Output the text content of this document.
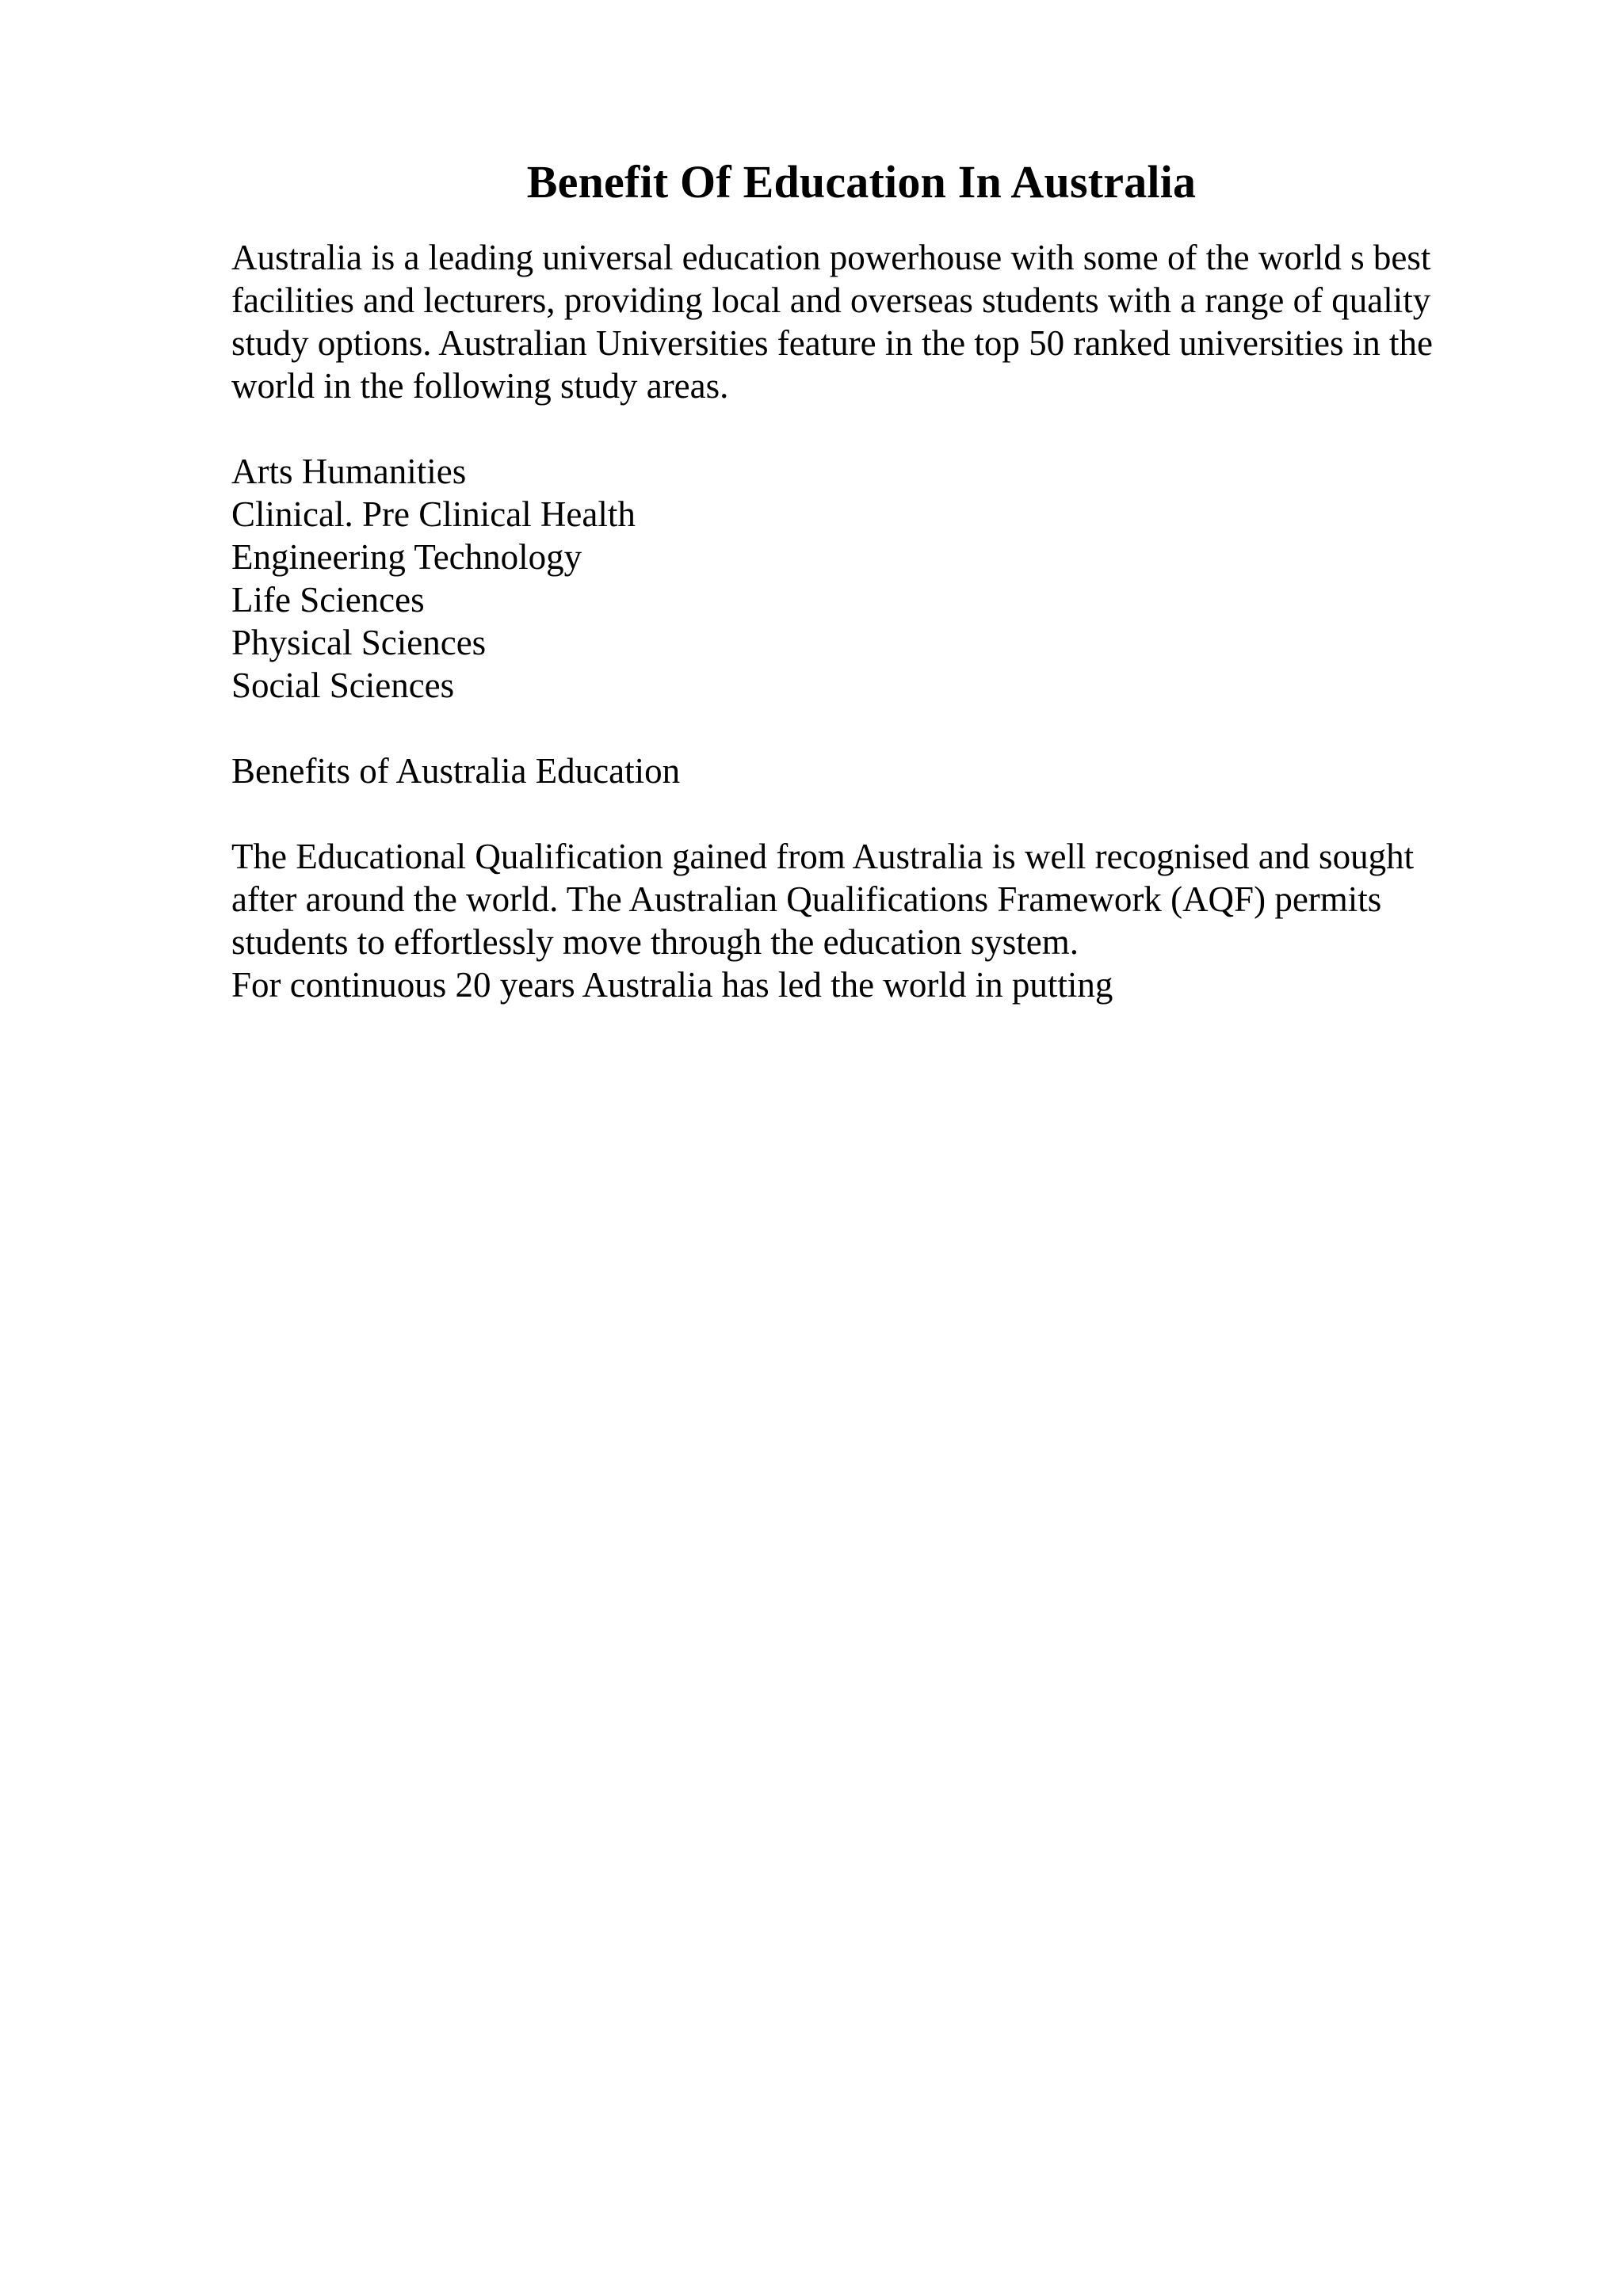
Benefit Of Education In Australia
Australia is a leading universal education powerhouse with some of the world s best
facilities and lecturers, providing local and overseas students with a range of quality
study options. Australian Universities feature in the top 50 ranked universities in the
world in the following study areas.
Arts Humanities
Clinical. Pre Clinical Health
Engineering Technology
Life Sciences
Physical Sciences
Social Sciences
Benefits of Australia Education
The Educational Qualification gained from Australia is well recognised and sought
after around the world. The Australian Qualifications Framework (AQF) permits
students to effortlessly move through the education system.
For continuous 20 years Australia has led the world in putting
